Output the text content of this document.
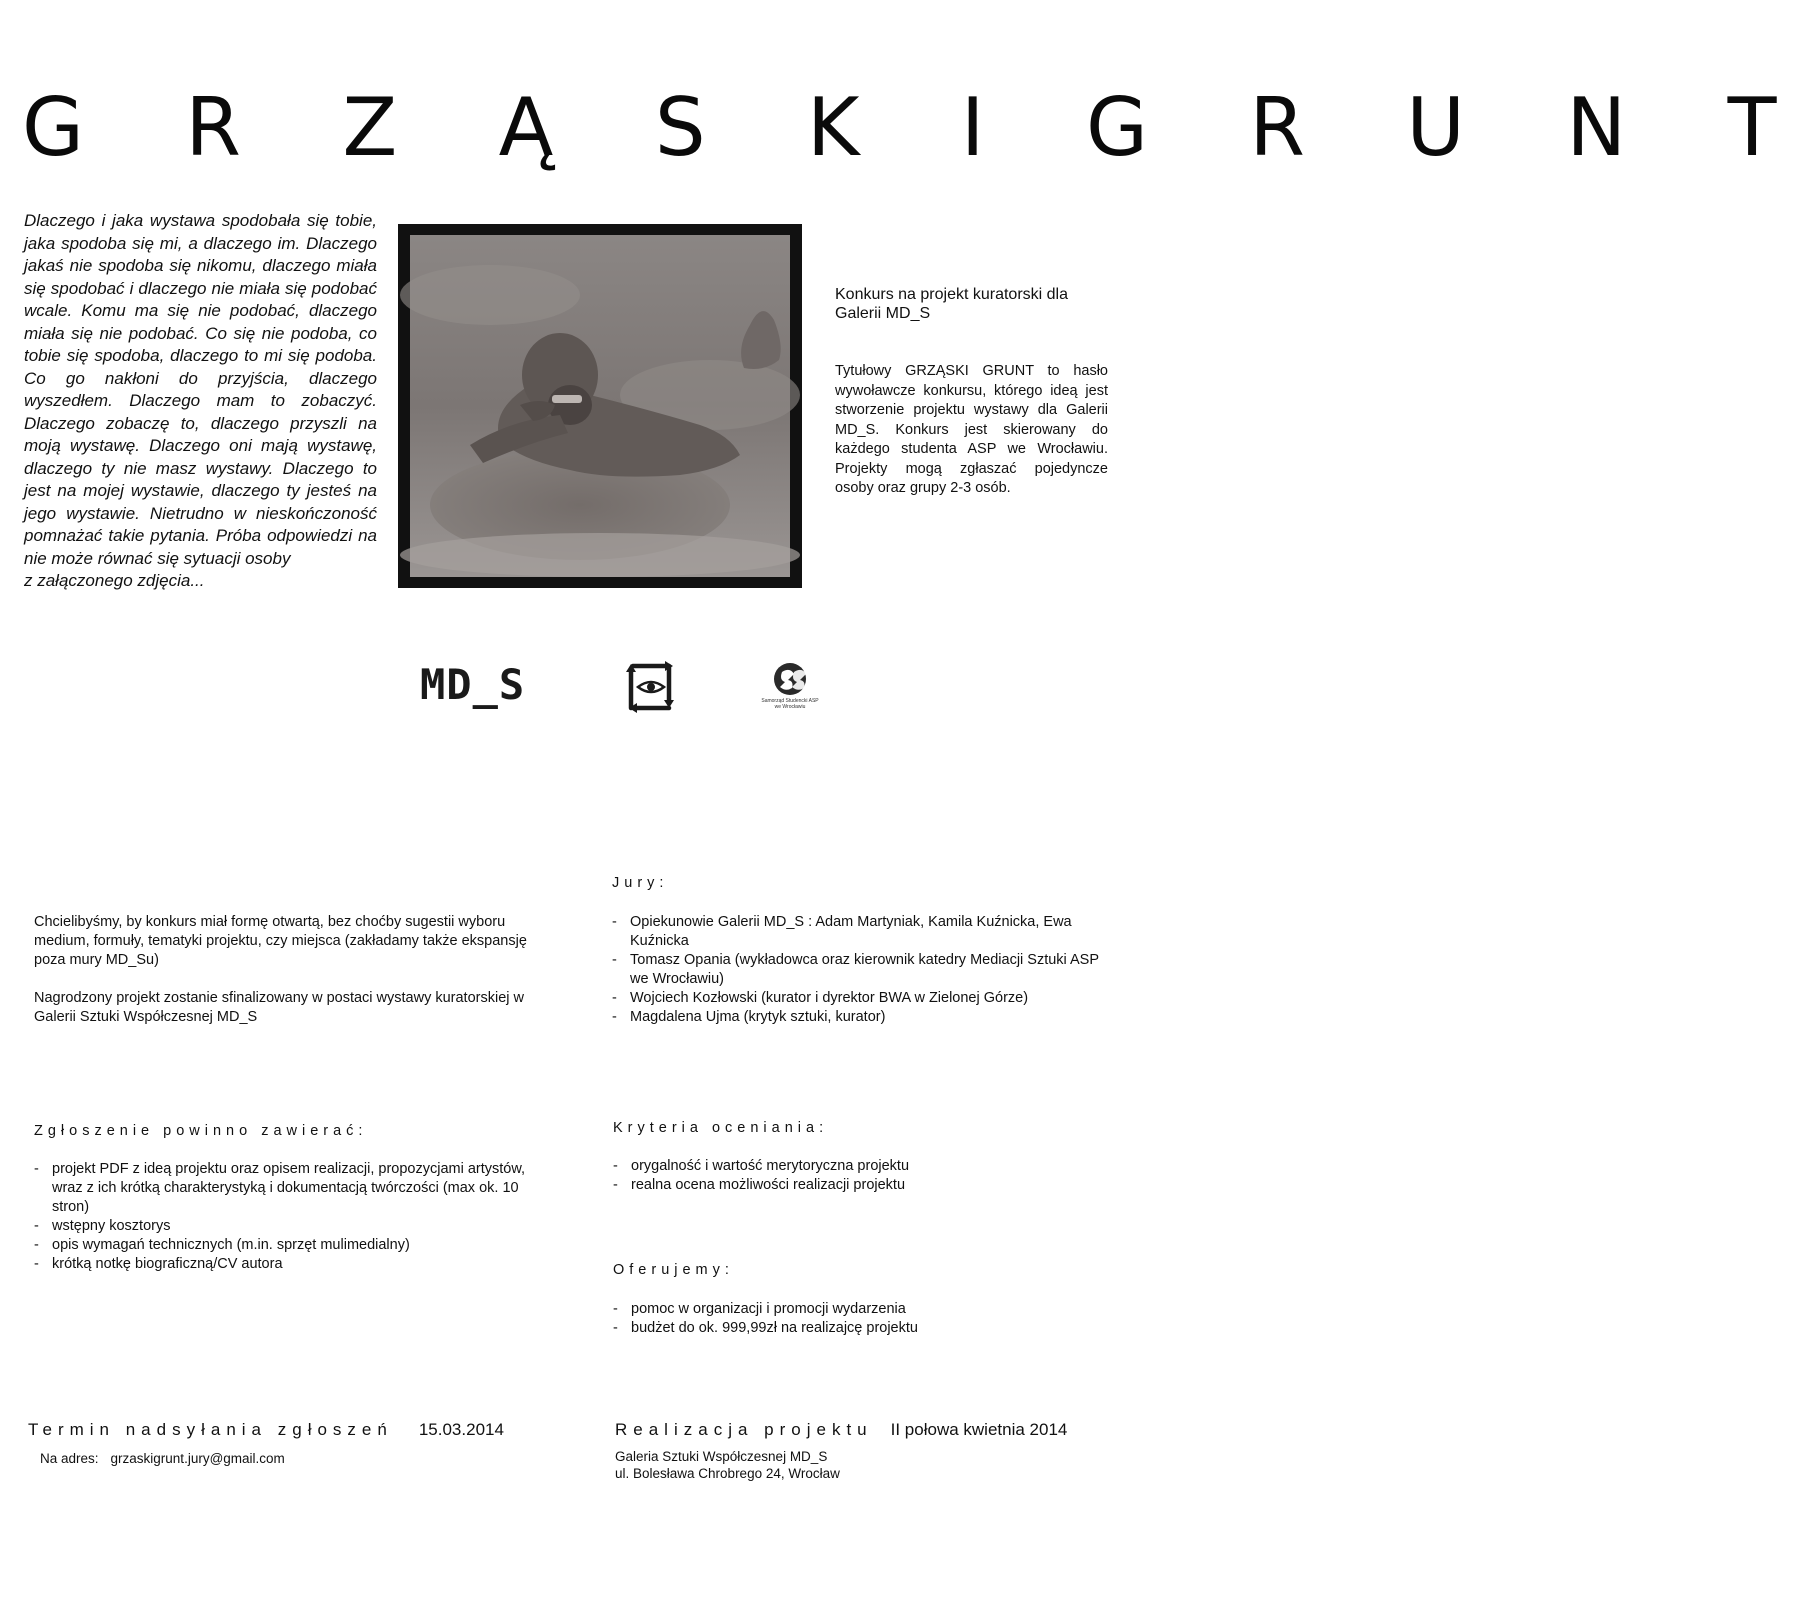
G R Z Ą S K I G R U N T
Dlaczego i jaka wystawa spodobała się tobie, jaka spodoba się mi, a dlaczego im. Dlaczego jakaś nie spodoba się nikomu, dlaczego miała się spodobać i dlaczego nie miała się podobać wcale. Komu ma się nie podobać, dlaczego miała się nie podobać. Co się nie podoba, co tobie się spodoba, dlaczego to mi się podoba. Co go nakłoni do przyjścia, dlaczego wyszedłem. Dlaczego mam to zobaczyć. Dlaczego zobaczę to, dlaczego przyszli na moją wystawę. Dlaczego oni mają wystawę, dlaczego ty nie masz wystawy. Dlaczego to jest na mojej wystawie, dlaczego ty jesteś na jego wystawie. Nietrudno w nieskończoność pomnażać takie pytania. Próba odpowiedzi na nie może równać się sytuacji osoby
z załączonego zdjęcia...
Konkurs na projekt kuratorski dla Galerii MD_S
Tytułowy GRZĄSKI GRUNT to hasło wywoławcze konkursu, którego ideą jest stworzenie projektu wystawy dla Galerii MD_S. Konkurs jest skierowany do każdego studenta ASP we Wrocławiu. Projekty mogą zgłaszać pojedyncze osoby oraz grupy 2-3 osób.
MD_S	Samorząd Studencki ASP we Wrocławiu

Chcielibyśmy, by konkurs miał formę otwartą, bez choćby sugestii wyboru medium, formuły, tematyki projektu, czy miejsca (zakładamy także ekspansję poza mury MD_Su)

Nagrodzony projekt zostanie sfinalizowany w postaci wystawy kuratorskiej w Galerii Sztuki Współczesnej MD_S

Jury:
- Opiekunowie Galerii MD_S : Adam Martyniak, Kamila Kuźnicka, Ewa Kuźnicka
- Tomasz Opania (wykładowca oraz kierownik katedry Mediacji Sztuki ASP we Wrocławiu)
- Wojciech Kozłowski (kurator i dyrektor BWA w Zielonej Górze)
- Magdalena Ujma (krytyk sztuki, kurator)
Zgłoszenie powinno zawierać:
- projekt PDF z ideą projektu oraz opisem realizacji, propozycjami artystów, wraz z ich krótką charakterystyką i dokumentacją twórczości (max ok. 10 stron)
- wstępny kosztorys
- opis wymagań technicznych (m.in. sprzęt mulimedialny)
- krótką notkę biograficzną/CV autora
Kryteria oceniania:
- orygalność i wartość merytoryczna projektu
- realna ocena możliwości realizacji projektu
Oferujemy:
- pomoc w organizacji i promocji wydarzenia
- budżet do ok. 999,99zł na realizajcę projektu
Termin nadsyłania zgłoszeń 15.03.2014
Na adres: grzaskigrunt.jury@gmail.com
Realizacja projektu II połowa kwietnia 2014
Galeria Sztuki Współczesnej MD_S
ul. Bolesława Chrobrego 24, Wrocław
